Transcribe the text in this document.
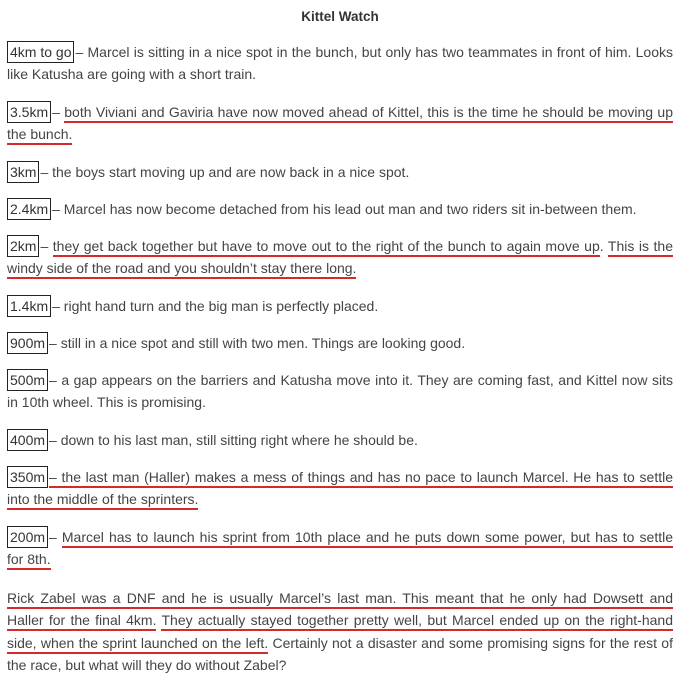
Kittel Watch
4km to go – Marcel is sitting in a nice spot in the bunch, but only has two teammates in front of him. Looks
like Katusha are going with a short train.
3.5km – both Viviani and Gaviria have now moved ahead of Kittel, this is the time he should be moving up
the bunch.
3km – the boys start moving up and are now back in a nice spot.
2.4km – Marcel has now become detached from his lead out man and two riders sit in-between them.
2km – they get back together but have to move out to the right of the bunch to again move up. This is the
windy side of the road and you shouldn’t stay there long.
1.4km – right hand turn and the big man is perfectly placed.
900m – still in a nice spot and still with two men. Things are looking good.
500m – a gap appears on the barriers and Katusha move into it. They are coming fast, and Kittel now sits
in 10th wheel. This is promising.
400m – down to his last man, still sitting right where he should be.
350m – the last man (Haller) makes a mess of things and has no pace to launch Marcel. He has to settle
into the middle of the sprinters.
200m – Marcel has to launch his sprint from 10th place and he puts down some power, but has to settle
for 8th.
Rick Zabel was a DNF and he is usually Marcel’s last man. This meant that he only had Dowsett and
Haller for the final 4km. They actually stayed together pretty well, but Marcel ended up on the right-hand
side, when the sprint launched on the left. Certainly not a disaster and some promising signs for the rest of
the race, but what will they do without Zabel?
